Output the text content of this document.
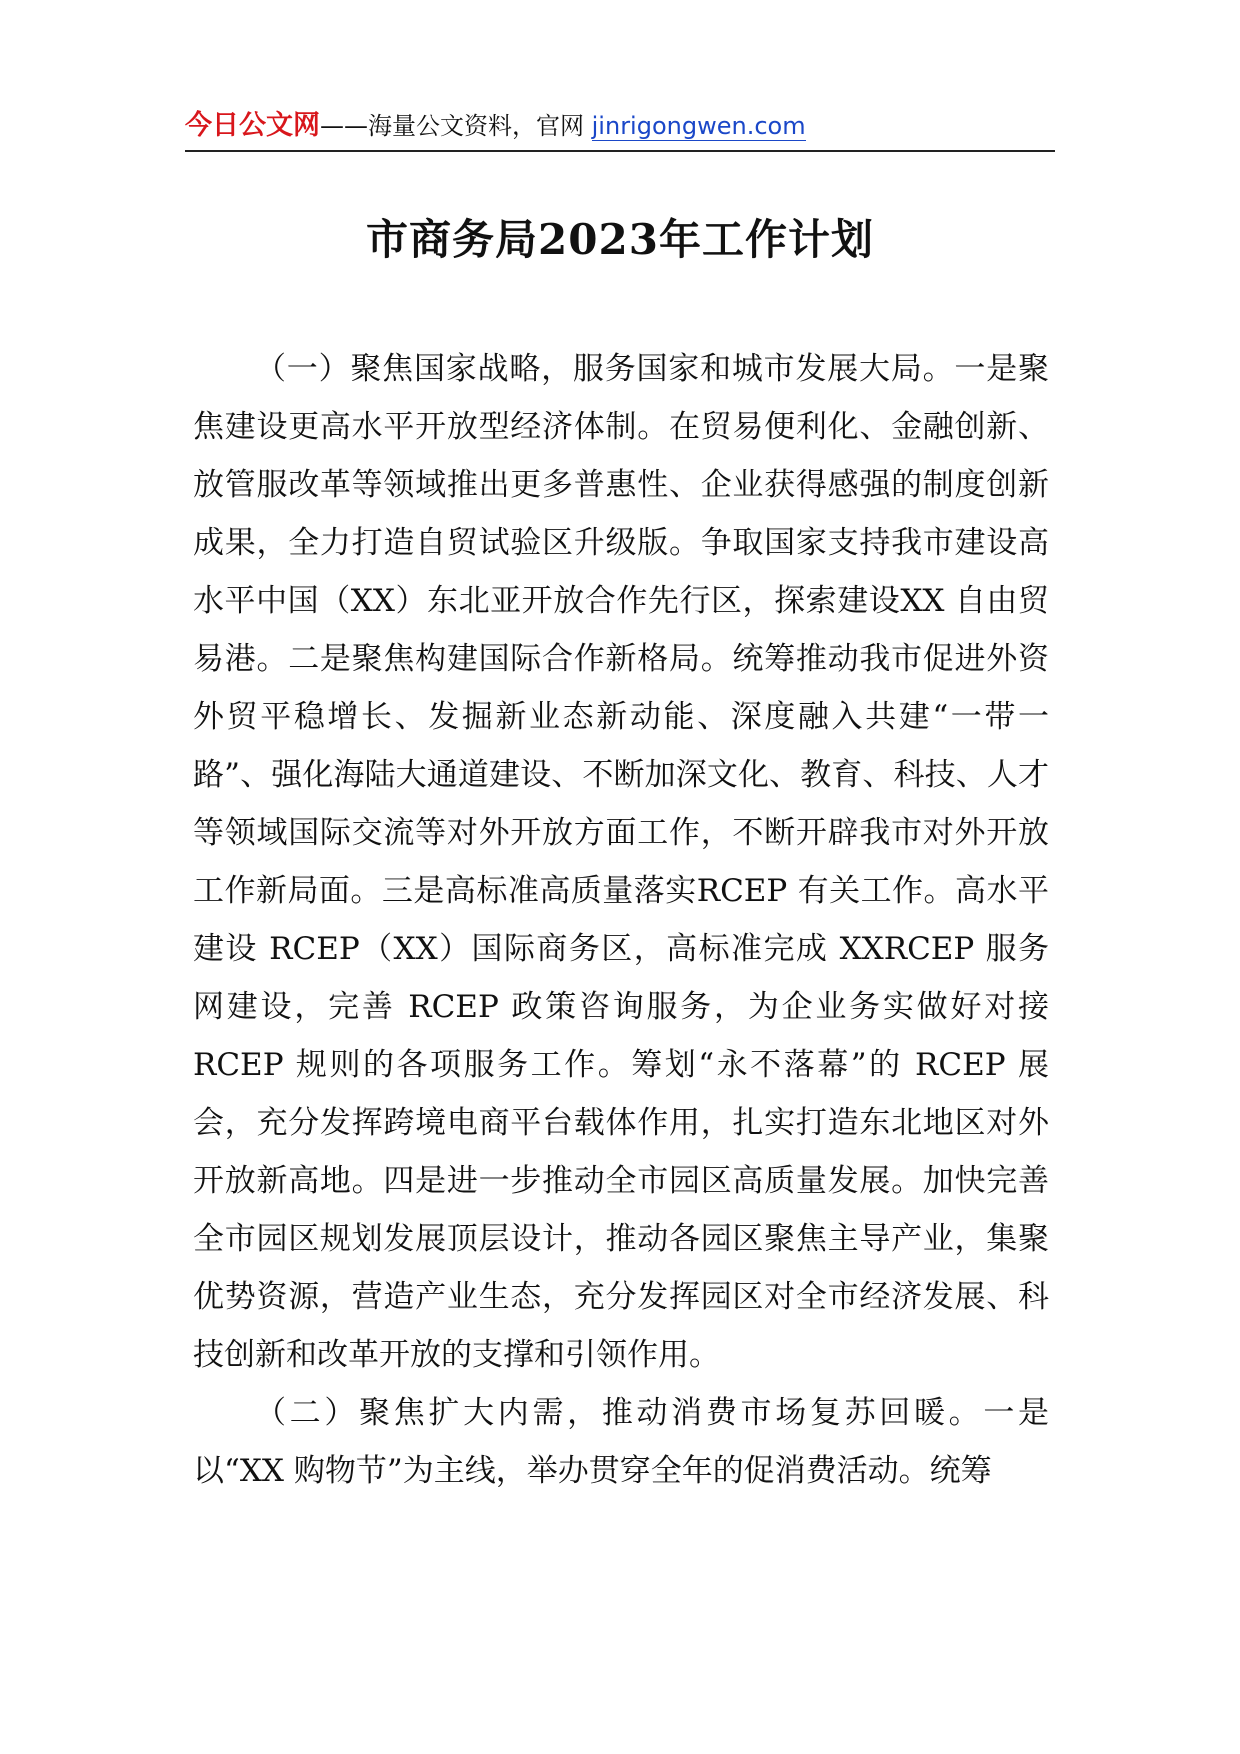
今日公文网——海量公文资料，官网 jinrigongwen.com
市商务局2023年工作计划

（一）聚焦国家战略，服务国家和城市发展大局。一是聚焦建设更高水平开放型经济体制。在贸易便利化、金融创新、放管服改革等领域推出更多普惠性、企业获得感强的制度创新成果，全力打造自贸试验区升级版。争取国家支持我市建设高水平中国（XX）东北亚开放合作先行区，探索建设XX 自由贸易港。二是聚焦构建国际合作新格局。统筹推动我市促进外资外贸平稳增长、发掘新业态新动能、深度融入共建“一带一路”、强化海陆大通道建设、不断加深文化、教育、科技、人才等领域国际交流等对外开放方面工作，不断开辟我市对外开放工作新局面。三是高标准高质量落实RCEP 有关工作。高水平建设 RCEP（XX）国际商务区，高标准完成 XXRCEP 服务网建设，完善 RCEP 政策咨询服务，为企业务实做好对接 RCEP 规则的各项服务工作。筹划“永不落幕”的 RCEP 展会，充分发挥跨境电商平台载体作用，扎实打造东北地区对外开放新高地。四是进一步推动全市园区高质量发展。加快完善全市园区规划发展顶层设计，推动各园区聚焦主导产业，集聚优势资源，营造产业生态，充分发挥园区对全市经济发展、科技创新和改革开放的支撑和引领作用。

（二）聚焦扩大内需，推动消费市场复苏回暖。一是以“XX 购物节”为主线，举办贯穿全年的促消费活动。统筹
